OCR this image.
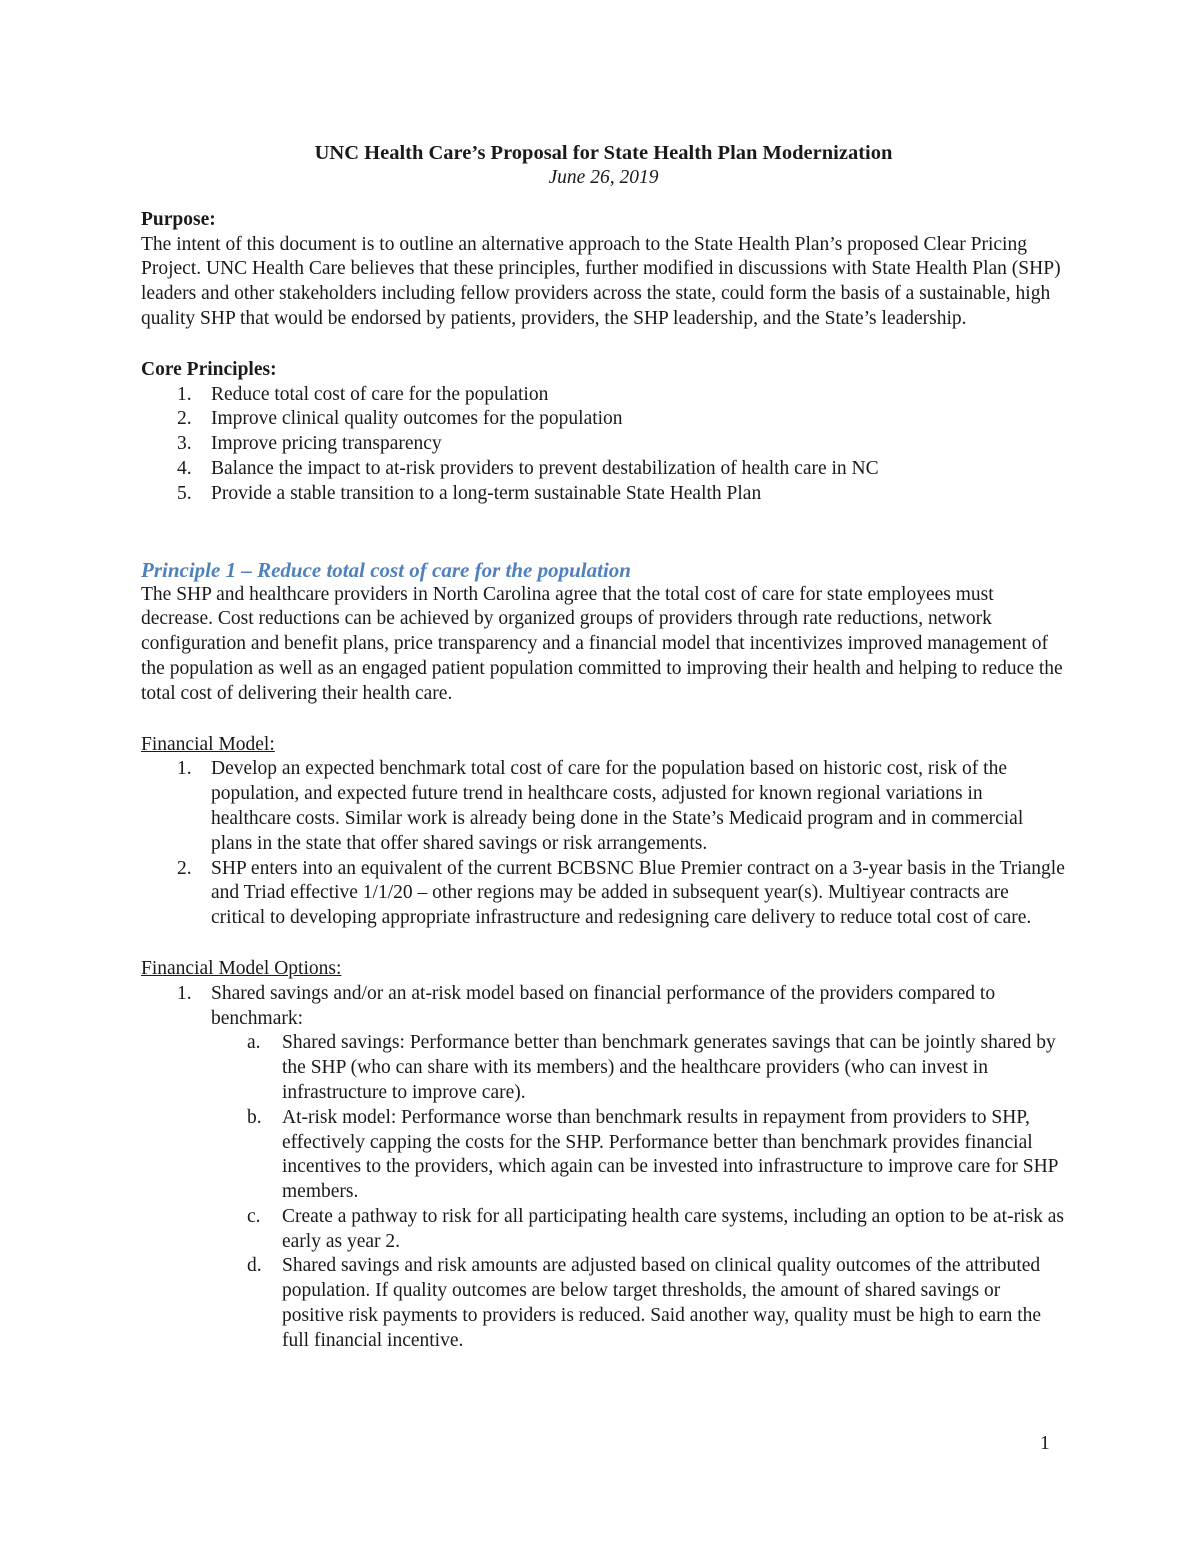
UNC Health Care’s Proposal for State Health Plan Modernization

June 26, 2019

Purpose:

The intent of this document is to outline an alternative approach to the State Health Plan’s proposed Clear Pricing Project. UNC Health Care believes that these principles, further modified in discussions with State Health Plan (SHP) leaders and other stakeholders including fellow providers across the state, could form the basis of a sustainable, high quality SHP that would be endorsed by patients, providers, the SHP leadership, and the State’s leadership.

Core Principles:

1. Reduce total cost of care for the population
2. Improve clinical quality outcomes for the population
3. Improve pricing transparency
4. Balance the impact to at-risk providers to prevent destabilization of health care in NC
5. Provide a stable transition to a long-term sustainable State Health Plan

Principle 1 – Reduce total cost of care for the population

The SHP and healthcare providers in North Carolina agree that the total cost of care for state employees must decrease. Cost reductions can be achieved by organized groups of providers through rate reductions, network configuration and benefit plans, price transparency and a financial model that incentivizes improved management of the population as well as an engaged patient population committed to improving their health and helping to reduce the total cost of delivering their health care.

Financial Model:

1. Develop an expected benchmark total cost of care for the population based on historic cost, risk of the population, and expected future trend in healthcare costs, adjusted for known regional variations in healthcare costs. Similar work is already being done in the State’s Medicaid program and in commercial plans in the state that offer shared savings or risk arrangements.
2. SHP enters into an equivalent of the current BCBSNC Blue Premier contract on a 3-year basis in the Triangle and Triad effective 1/1/20 – other regions may be added in subsequent year(s). Multiyear contracts are critical to developing appropriate infrastructure and redesigning care delivery to reduce total cost of care.

Financial Model Options:

1. Shared savings and/or an at-risk model based on financial performance of the providers compared to benchmark:
a.	Shared savings: Performance better than benchmark generates savings that can be jointly shared by the SHP (who can share with its members) and the healthcare providers (who can invest in infrastructure to improve care).
b.	At-risk model: Performance worse than benchmark results in repayment from providers to SHP, effectively capping the costs for the SHP. Performance better than benchmark provides financial incentives to the providers, which again can be invested into infrastructure to improve care for SHP members.
c.	Create a pathway to risk for all participating health care systems, including an option to be at-risk as early as year 2.
d.	Shared savings and risk amounts are adjusted based on clinical quality outcomes of the attributed population. If quality outcomes are below target thresholds, the amount of shared savings or positive risk payments to providers is reduced. Said another way, quality must be high to earn the full financial incentive.
1
